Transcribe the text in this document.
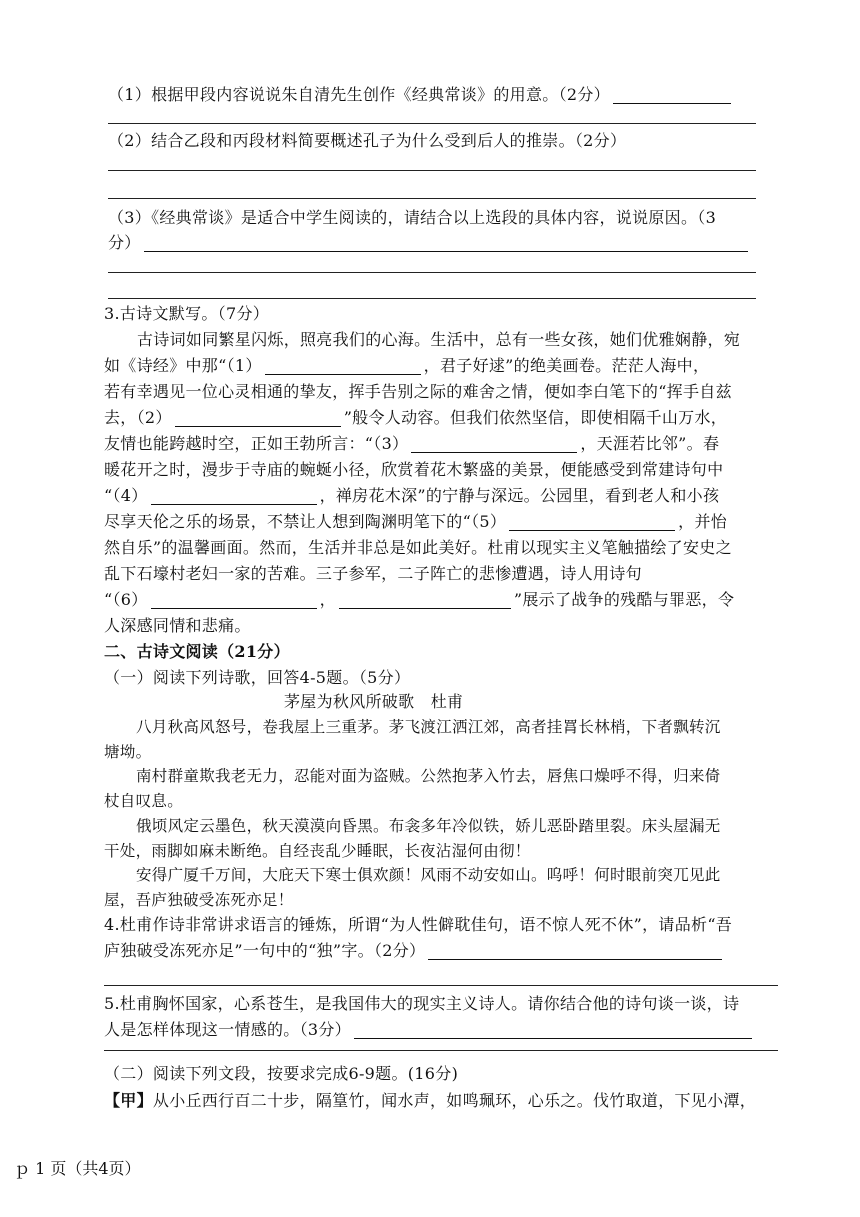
（1）根据甲段内容说说朱自清先生创作《经典常谈》的用意。（2分）
（2）结合乙段和丙段材料简要概述孔子为什么受到后人的推崇。（2分）
（3）《经典常谈》是适合中学生阅读的，请结合以上选段的具体内容，说说原因。（3
分）
3.古诗文默写。（7分）
古诗词如同繁星闪烁，照亮我们的心海。生活中，总有一些女孩，她们优雅娴静，宛
如《诗经》中那“（1）	，君子好逑”的绝美画卷。茫茫人海中，
若有幸遇见一位心灵相通的挚友，挥手告别之际的难舍之情，便如李白笔下的“挥手自兹
去，（2）	”般令人动容。但我们依然坚信，即使相隔千山万水，
友情也能跨越时空，正如王勃所言：“（3）	，天涯若比邻”。春
暖花开之时，漫步于寺庙的蜿蜒小径，欣赏着花木繁盛的美景，便能感受到常建诗句中
“（4）	，禅房花木深”的宁静与深远。公园里，看到老人和小孩
尽享天伦之乐的场景，不禁让人想到陶渊明笔下的“（5）	，并怡
然自乐”的温馨画面。然而，生活并非总是如此美好。杜甫以现实主义笔触描绘了安史之
乱下石壕村老妇一家的苦难。三子参军，二子阵亡的悲惨遭遇，诗人用诗句
“（6）	，	”展示了战争的残酷与罪恶，令
人深感同情和悲痛。
二、古诗文阅读（21分）
（一）阅读下列诗歌，回答4-5题。（5分）
茅屋为秋风所破歌　杜甫
八月秋高风怒号，卷我屋上三重茅。茅飞渡江洒江郊，高者挂罥长林梢，下者飘转沉
塘坳。
南村群童欺我老无力，忍能对面为盗贼。公然抱茅入竹去，唇焦口燥呼不得，归来倚
杖自叹息。
俄顷风定云墨色，秋天漠漠向昏黑。布衾多年冷似铁，娇儿恶卧踏里裂。床头屋漏无
干处，雨脚如麻未断绝。自经丧乱少睡眠，长夜沾湿何由彻！
安得广厦千万间，大庇天下寒士俱欢颜！风雨不动安如山。呜呼！何时眼前突兀见此
屋，吾庐独破受冻死亦足！
4.杜甫作诗非常讲求语言的锤炼，所谓“为人性僻耽佳句，语不惊人死不休”，请品析“吾
庐独破受冻死亦足”一句中的“独”字。（2分）
5.杜甫胸怀国家，心系苍生，是我国伟大的现实主义诗人。请你结合他的诗句谈一谈，诗
人是怎样体现这一情感的。（3分）
（二）阅读下列文段，按要求完成6-9题。(16分)
【甲】从小丘西行百二十步，隔篁竹，闻水声，如鸣珮环，心乐之。伐竹取道，下见小潭，
ｐ 1 页（共4页）
